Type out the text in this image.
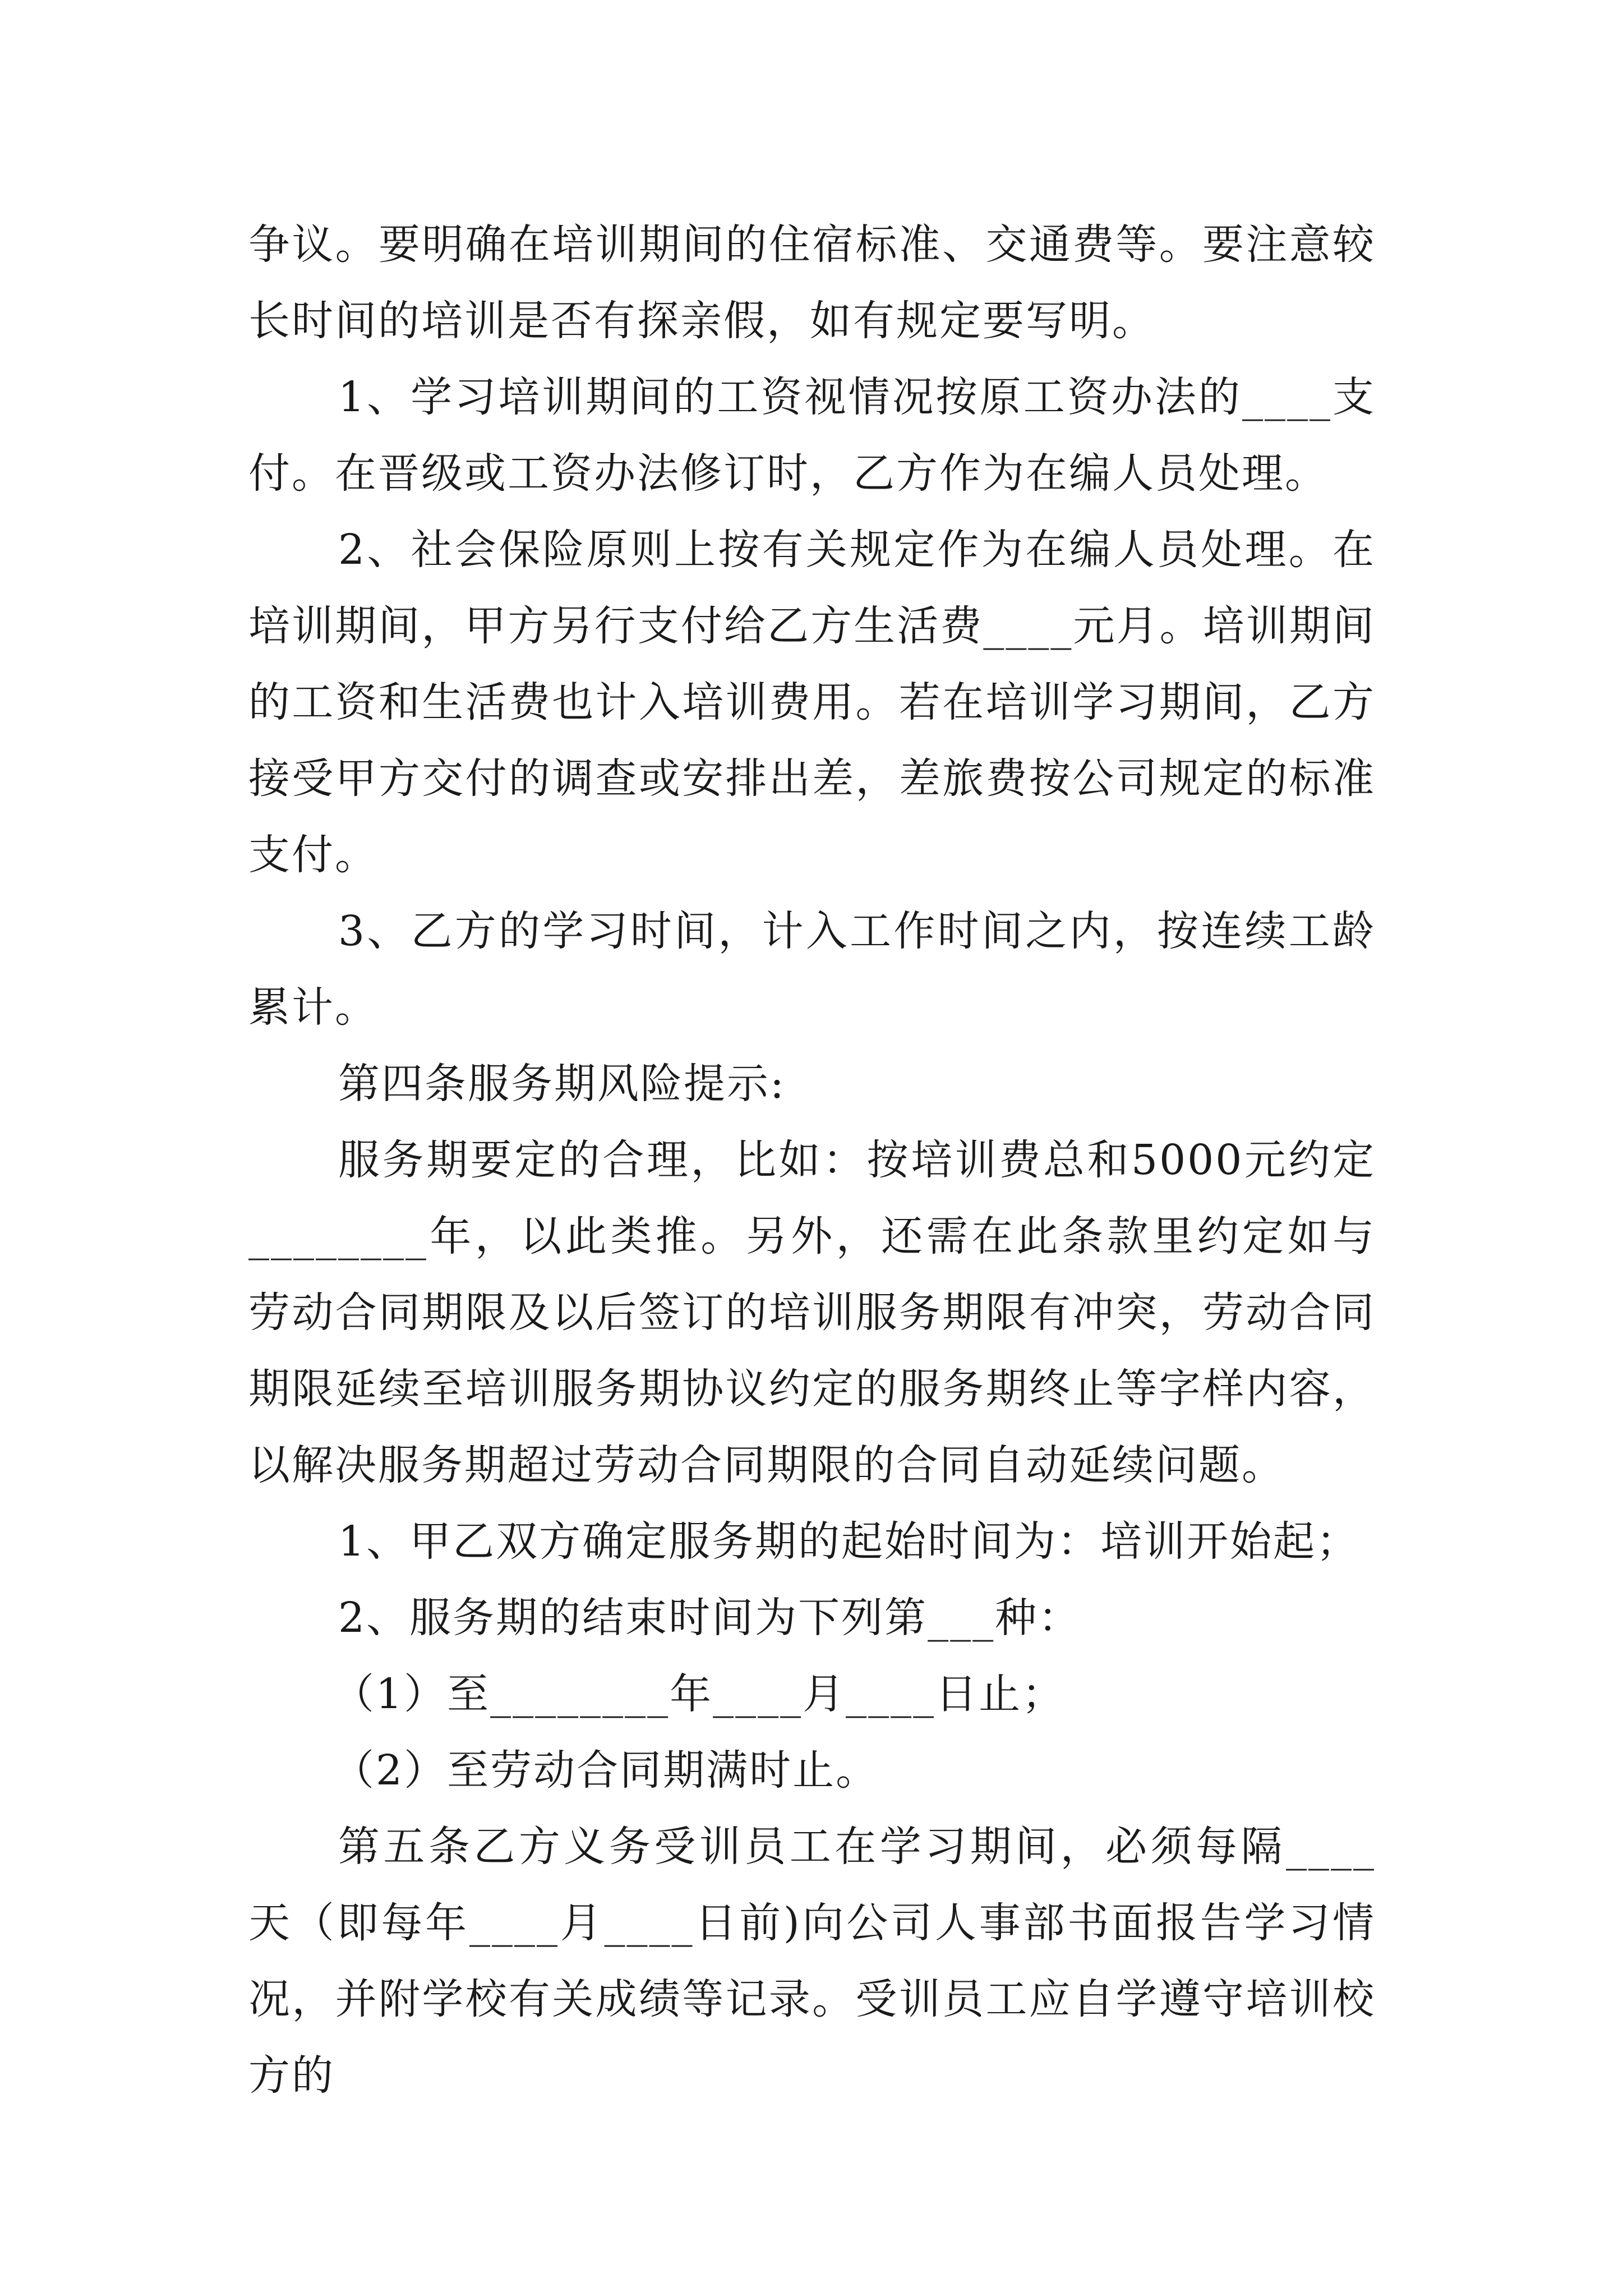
争议。要明确在培训期间的住宿标准、交通费等。要注意较长时间的培训是否有探亲假，如有规定要写明。

1、学习培训期间的工资视情况按原工资办法的____支付。在晋级或工资办法修订时，乙方作为在编人员处理。

2、社会保险原则上按有关规定作为在编人员处理。在培训期间，甲方另行支付给乙方生活费____元月。培训期间的工资和生活费也计入培训费用。若在培训学习期间，乙方接受甲方交付的调查或安排出差，差旅费按公司规定的标准支付。

3、乙方的学习时间，计入工作时间之内，按连续工龄累计。

第四条服务期风险提示:

服务期要定的合理，比如：按培训费总和5000元约定________年，以此类推。另外，还需在此条款里约定如与劳动合同期限及以后签订的培训服务期限有冲突，劳动合同期限延续至培训服务期协议约定的服务期终止等字样内容，以解决服务期超过劳动合同期限的合同自动延续问题。

1、甲乙双方确定服务期的起始时间为：培训开始起；

2、服务期的结束时间为下列第___种：

（1）至________年____月____日止；

（2）至劳动合同期满时止。

第五条乙方义务受训员工在学习期间，必须每隔____天（即每年____月____日前)向公司人事部书面报告学习情况，并附学校有关成绩等记录。受训员工应自学遵守培训校方的
